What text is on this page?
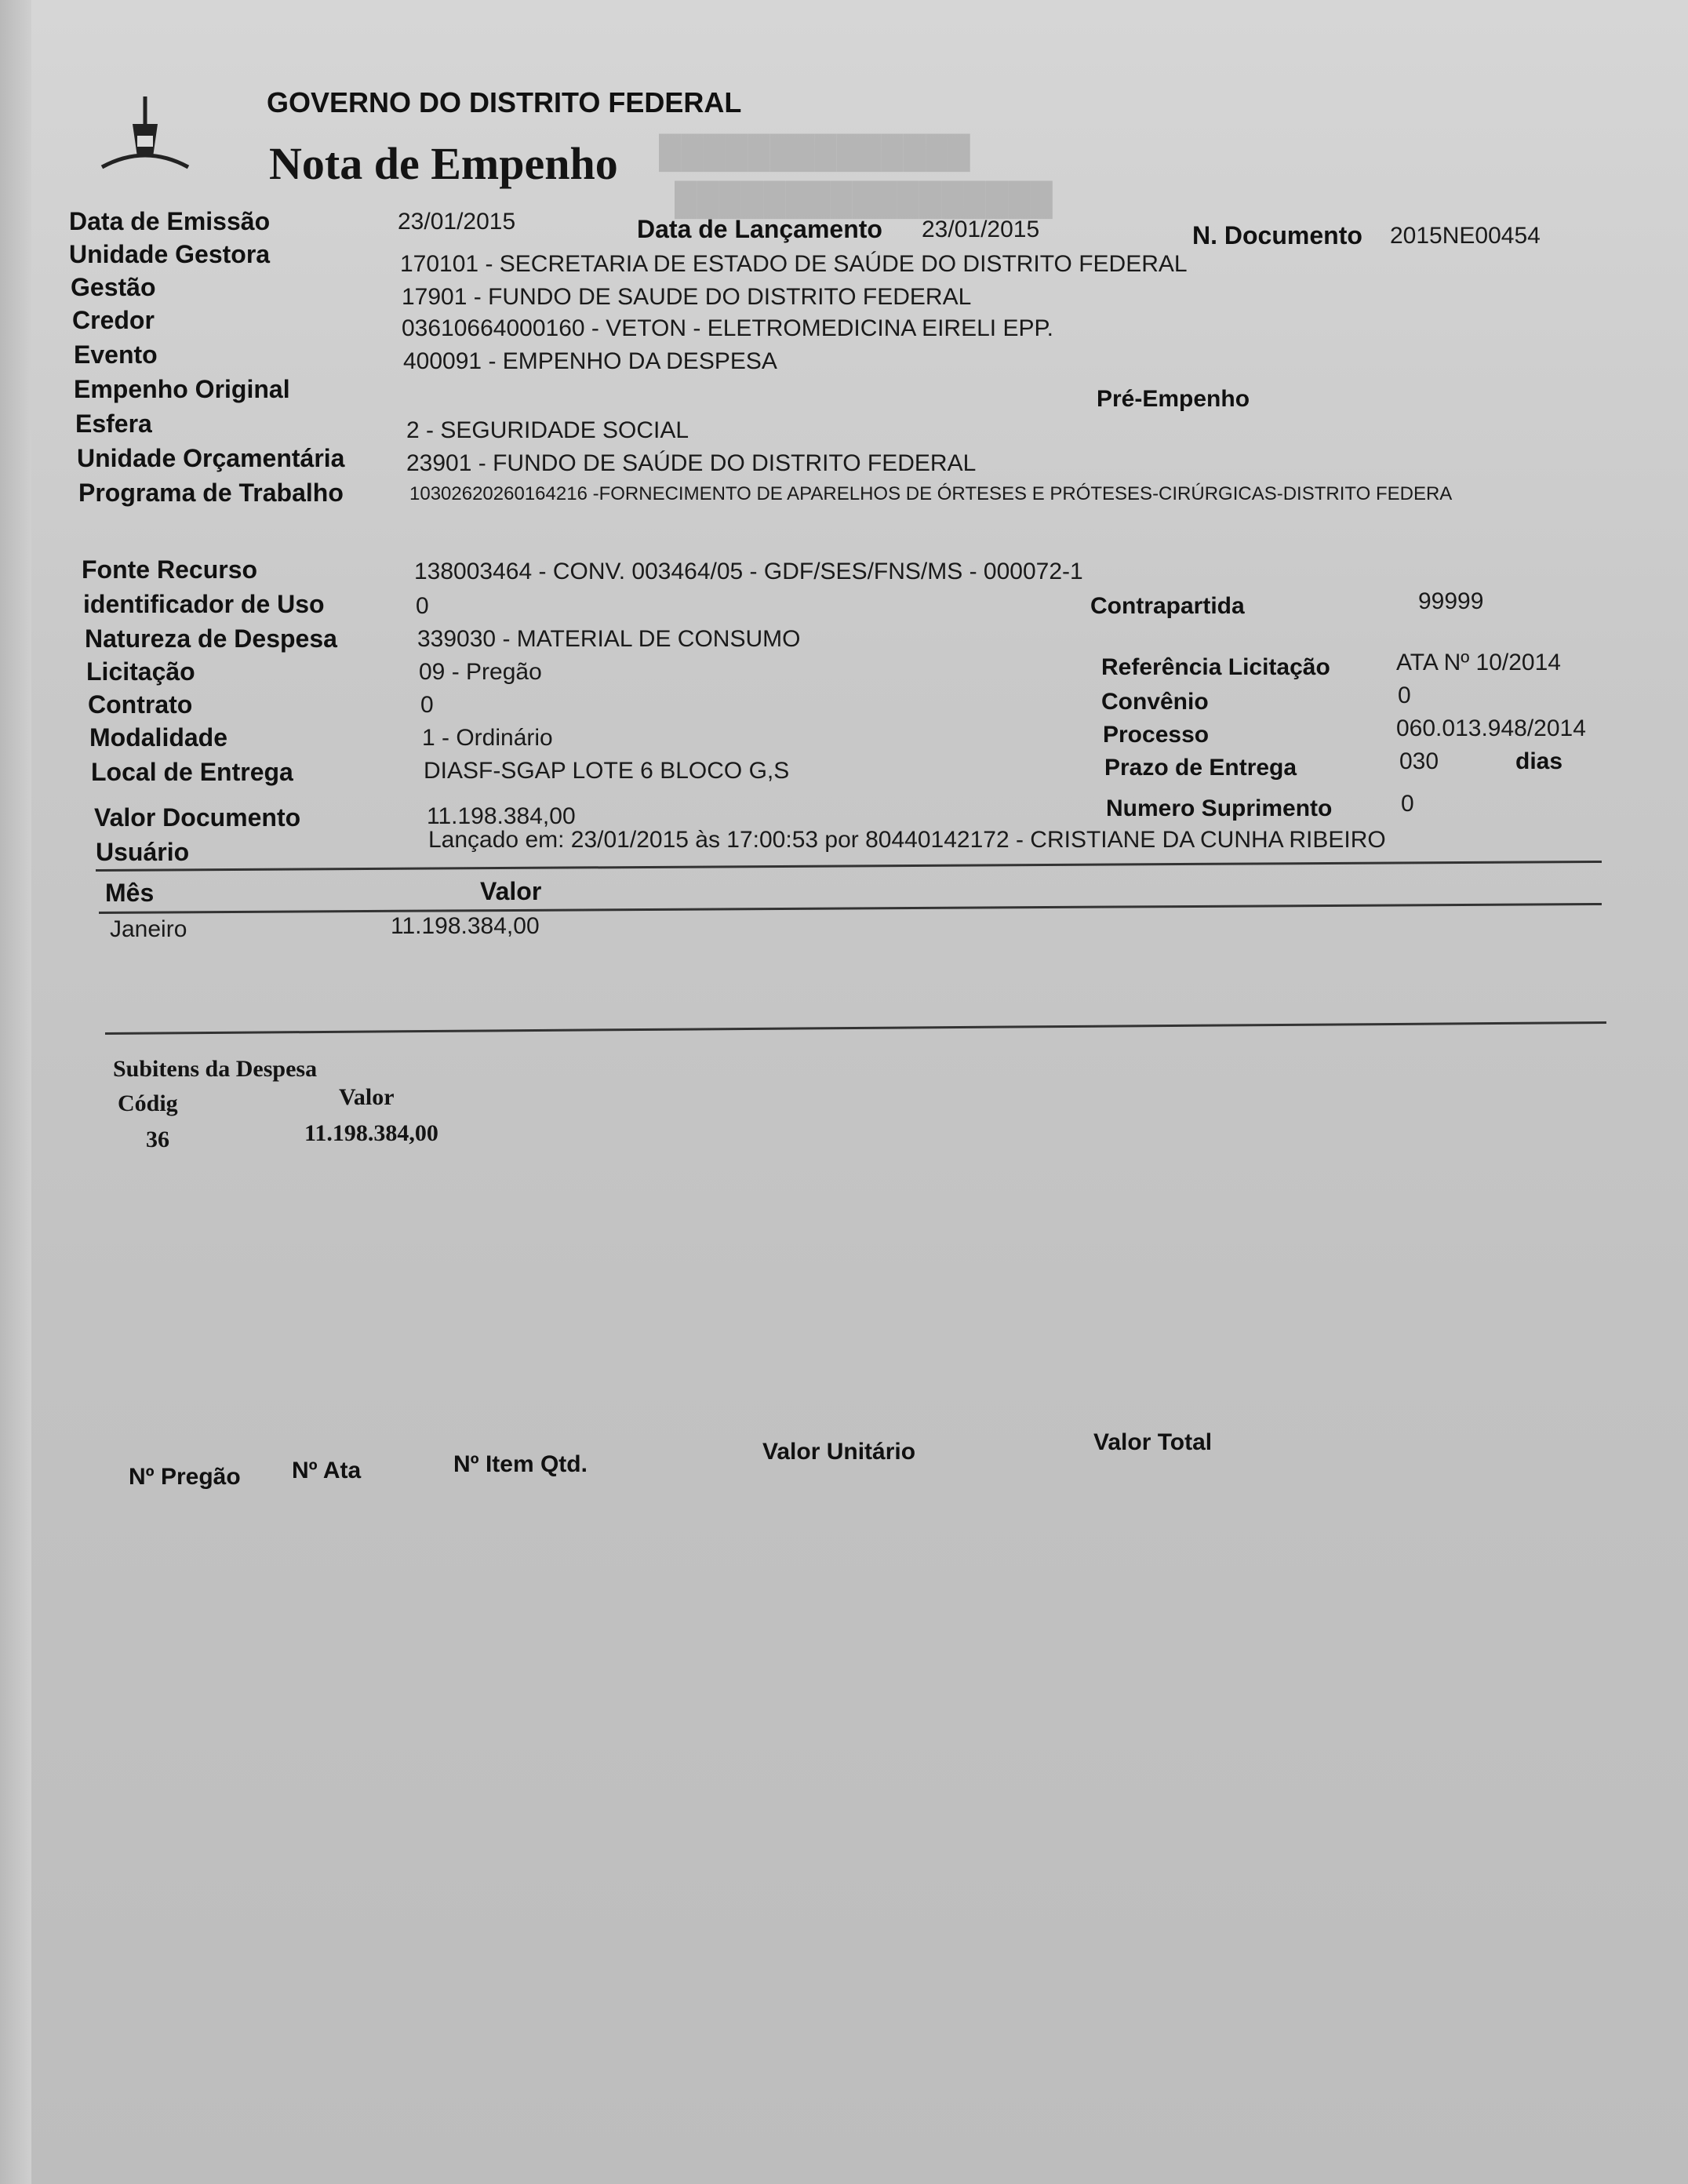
██████████████
█████████████████
GOVERNO DO DISTRITO FEDERAL
Nota de Empenho
Data de Emissão	23/01/2015	Data de Lançamento 23/01/2015	N. Documento 2015NE00454
Unidade Gestora	170101 - SECRETARIA DE ESTADO DE SAÚDE DO DISTRITO FEDERAL
Gestão	17901 - FUNDO DE SAUDE DO DISTRITO FEDERAL
Credor	03610664000160 - VETON - ELETROMEDICINA EIRELI EPP.
Evento	400091 - EMPENHO DA DESPESA
Empenho Original	Pré-Empenho
Esfera	2 - SEGURIDADE SOCIAL
Unidade Orçamentária	23901 - FUNDO DE SAÚDE DO DISTRITO FEDERAL
Programa de Trabalho	10302620260164216 -FORNECIMENTO DE APARELHOS DE ÓRTESES E PRÓTESES-CIRÚRGICAS-DISTRITO FEDERA
Fonte Recurso	138003464 - CONV. 003464/05 - GDF/SES/FNS/MS - 000072-1
identificador de Uso	0	Contrapartida	99999
Natureza de Despesa	339030 - MATERIAL DE CONSUMO
Licitação	09 - Pregão	Referência Licitação	ATA Nº 10/2014
Contrato	0	Convênio	0
Modalidade	1 - Ordinário	Processo	060.013.948/2014
Local de Entrega	DIASF-SGAP LOTE 6 BLOCO G,S	Prazo de Entrega	030	dias
Valor Documento	11.198.384,00	Numero Suprimento	0
Usuário	Lançado em: 23/01/2015 às 17:00:53 por 80440142172 - CRISTIANE DA CUNHA RIBEIRO
Mês	Valor
Janeiro	11.198.384,00
Subitens da Despesa
Códig	Valor
36	11.198.384,00
Nº Pregão Nº Ata	Nº Item Qtd.	Valor Unitário	Valor Total
